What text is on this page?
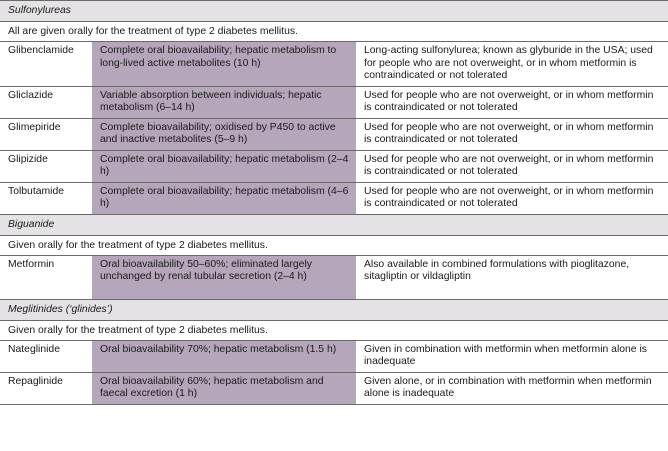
Sulfonylureas		
All are given orally for the treatment of type 2 diabetes mellitus.		
Glibenclamide	Complete oral bioavailability; hepatic metabolism to long-lived active metabolites (10 h)	Long-acting sulfonylurea; known as glyburide in the USA; used for people who are not overweight, or in whom metformin is contraindicated or not tolerated
Gliclazide	Variable absorption between individuals; hepatic metabolism (6–14 h)	Used for people who are not overweight, or in whom metformin is contraindicated or not tolerated
Glimepiride	Complete bioavailability; oxidised by P450 to active and inactive metabolites (5–9 h)	Used for people who are not overweight, or in whom metformin is contraindicated or not tolerated
Glipizide	Complete oral bioavailability; hepatic metabolism (2–4 h)	Used for people who are not overweight, or in whom metformin is contraindicated or not tolerated
Tolbutamide	Complete oral bioavailability; hepatic metabolism (4–6 h)	Used for people who are not overweight, or in whom metformin is contraindicated or not tolerated
Biguanide		
Given orally for the treatment of type 2 diabetes mellitus.		
Metformin	Oral bioavailability 50–60%; eliminated largely unchanged by renal tubular secretion (2–4 h)	Also available in combined formulations with pioglitazone, sitagliptin or vildagliptin
Meglitinides (‘glinides’)		
Given orally for the treatment of type 2 diabetes mellitus.		
Nateglinide	Oral bioavailability 70%; hepatic metabolism (1.5 h)	Given in combination with metformin when metformin alone is inadequate
Repaglinide	Oral bioavailability 60%; hepatic metabolism and faecal excretion (1 h)	Given alone, or in combination with metformin when metformin alone is inadequate
